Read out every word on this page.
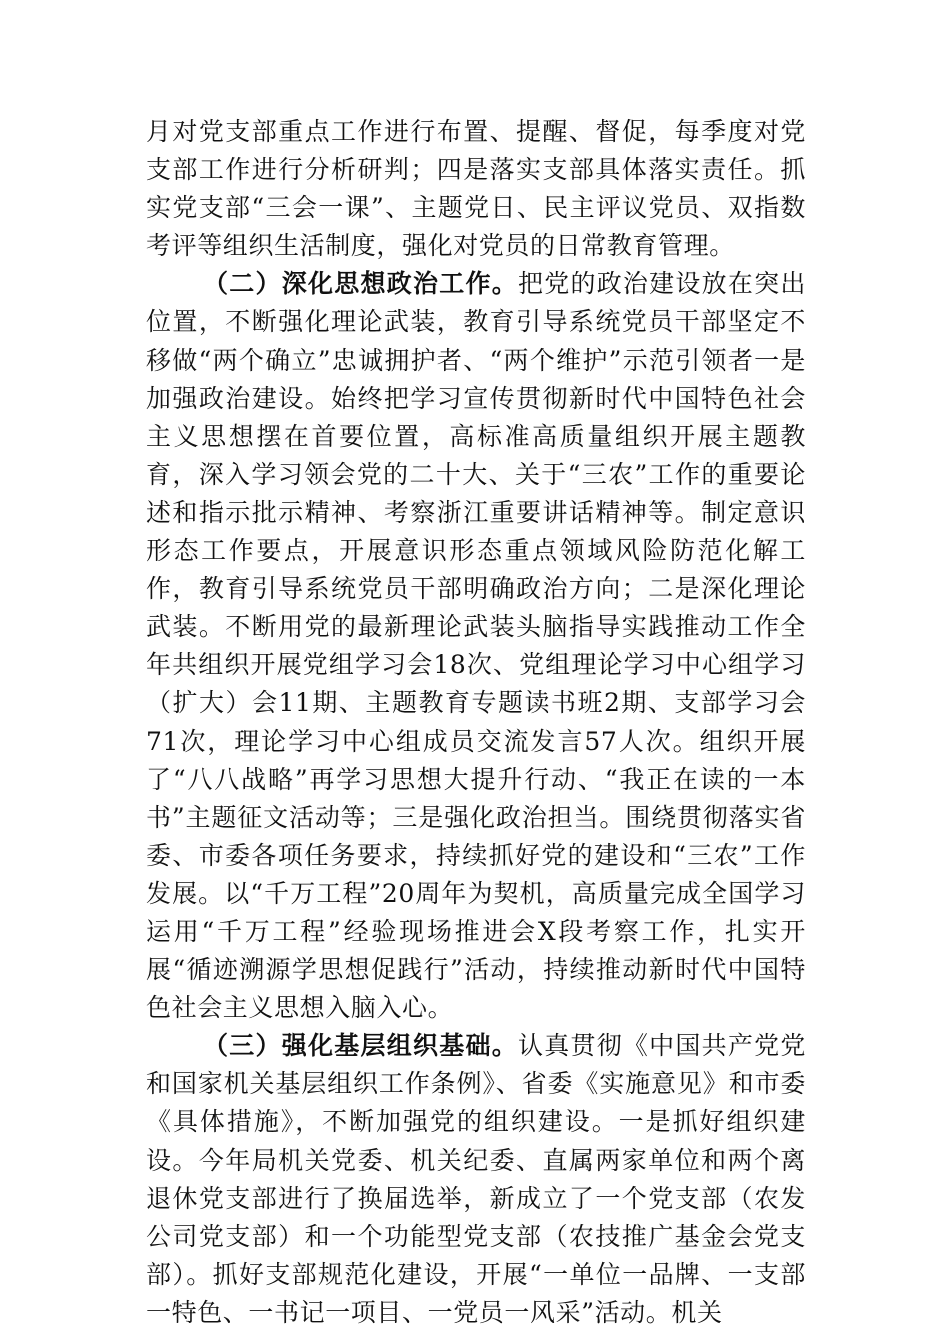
月对党支部重点工作进行布置、提醒、督促，每季度对党支部工作进行分析研判；四是落实支部具体落实责任。抓实党支部“三会一课”、主题党日、民主评议党员、双指数考评等组织生活制度，强化对党员的日常教育管理。

（二）深化思想政治工作。把党的政治建设放在突出位置，不断强化理论武装，教育引导系统党员干部坚定不移做“两个确立”忠诚拥护者、“两个维护”示范引领者一是加强政治建设。始终把学习宣传贯彻新时代中国特色社会主义思想摆在首要位置，高标准高质量组织开展主题教育，深入学习领会党的二十大、关于“三农”工作的重要论述和指示批示精神、考察浙江重要讲话精神等。制定意识形态工作要点，开展意识形态重点领域风险防范化解工作，教育引导系统党员干部明确政治方向；二是深化理论武装。不断用党的最新理论武装头脑指导实践推动工作全年共组织开展党组学习会18次、党组理论学习中心组学习（扩大）会11期、主题教育专题读书班2期、支部学习会71次，理论学习中心组成员交流发言57人次。组织开展了“八八战略”再学习思想大提升行动、“我正在读的一本书”主题征文活动等；三是强化政治担当。围绕贯彻落实省委、市委各项任务要求，持续抓好党的建设和“三农”工作发展。以“千万工程”20周年为契机，高质量完成全国学习运用“千万工程”经验现场推进会X段考察工作，扎实开展“循迹溯源学思想促践行”活动，持续推动新时代中国特色社会主义思想入脑入心。

（三）强化基层组织基础。认真贯彻《中国共产党党和国家机关基层组织工作条例》、省委《实施意见》和市委《具体措施》，不断加强党的组织建设。一是抓好组织建设。今年局机关党委、机关纪委、直属两家单位和两个离退休党支部进行了换届选举，新成立了一个党支部（农发公司党支部）和一个功能型党支部（农技推广基金会党支部）。抓好支部规范化建设，开展“一单位一品牌、一支部一特色、一书记一项目、一党员一风采”活动。机关
